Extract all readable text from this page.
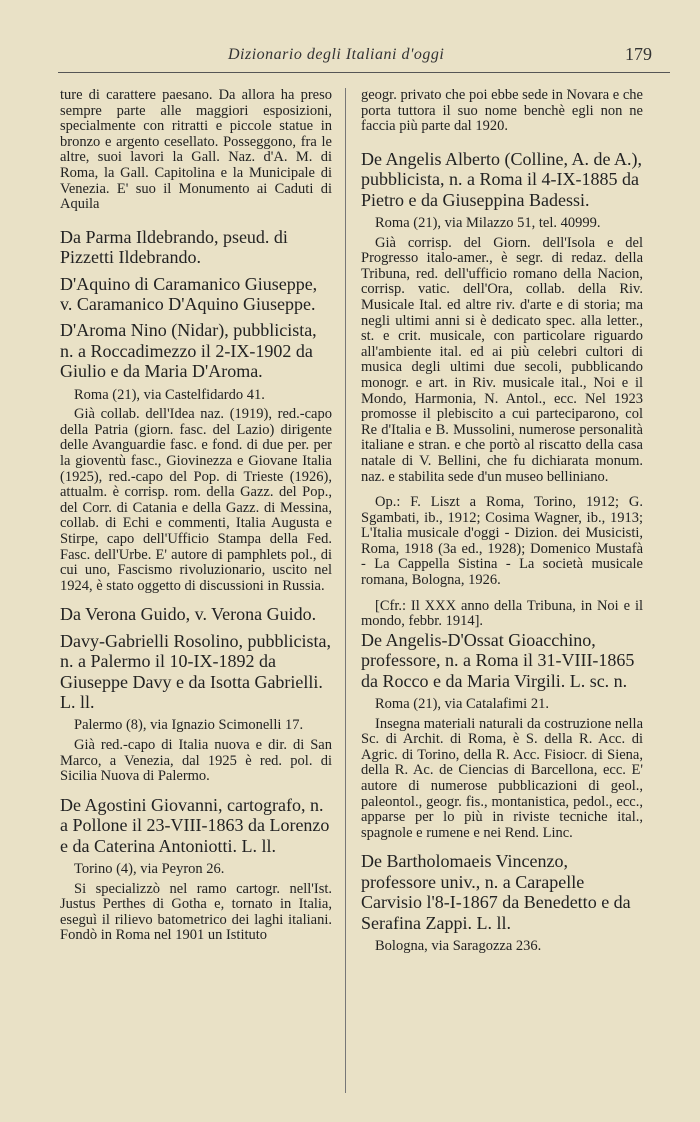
Dizionario degli Italiani d'oggi	179

ture di carattere paesano. Da allora ha preso sempre parte alle maggiori esposizioni, specialmente con ritratti e piccole statue in bronzo e argento cesellato. Posseggono, fra le altre, suoi lavori la Gall. Naz. d'A. M. di Roma, la Gall. Capitolina e la Municipale di Venezia. E' suo il Monumento ai Caduti di Aquila

Da Parma Ildebrando, pseud. di Pizzetti Ildebrando.

D'Aquino di Caramanico Giuseppe, v. Caramanico D'Aquino Giuseppe.

D'Aroma Nino (Nidar), pubblicista, n. a Roccadimezzo il 2-IX-1902 da Giulio e da Maria D'Aroma.

Roma (21), via Castelfidardo 41.

Già collab. dell'Idea naz. (1919), red.-capo della Patria (giorn. fasc. del Lazio) dirigente delle Avanguardie fasc. e fond. di due per. per la gioventù fasc., Giovinezza e Giovane Italia (1925), red.-capo del Pop. di Trieste (1926), attualm. è corrisp. rom. della Gazz. del Pop., del Corr. di Catania e della Gazz. di Messina, collab. di Echi e commenti, Italia Augusta e Stirpe, capo dell'Ufficio Stampa della Fed. Fasc. dell'Urbe. E' autore di pamphlets pol., di cui uno, Fascismo rivoluzionario, uscito nel 1924, è stato oggetto di discussioni in Russia.

Da Verona Guido, v. Verona Guido.

Davy-Gabrielli Rosolino, pubblicista, n. a Palermo il 10-IX-1892 da Giuseppe Davy e da Isotta Gabrielli. L. ll.

Palermo (8), via Ignazio Scimonelli 17.

Già red.-capo di Italia nuova e dir. di San Marco, a Venezia, dal 1925 è red. pol. di Sicilia Nuova di Palermo.

De Agostini Giovanni, cartografo, n. a Pollone il 23-VIII-1863 da Lorenzo e da Caterina Antoniotti. L. ll.

Torino (4), via Peyron 26.

Si specializzò nel ramo cartogr. nell'Ist. Justus Perthes di Gotha e, tornato in Italia, eseguì il rilievo batometrico dei laghi italiani. Fondò in Roma nel 1901 un Istituto

geogr. privato che poi ebbe sede in Novara e che porta tuttora il suo nome benchè egli non ne faccia più parte dal 1920.

De Angelis Alberto (Colline, A. de A.), pubblicista, n. a Roma il 4-IX-1885 da Pietro e da Giuseppina Badessi.

Roma (21), via Milazzo 51, tel. 40999.

Già corrisp. del Giorn. dell'Isola e del Progresso italo-amer., è segr. di redaz. della Tribuna, red. dell'ufficio romano della Nacion, corrisp. vatic. dell'Ora, collab. della Riv. Musicale Ital. ed altre riv. d'arte e di storia; ma negli ultimi anni si è dedicato spec. alla letter., st. e crit. musicale, con particolare riguardo all'ambiente ital. ed ai più celebri cultori di musica degli ultimi due secoli, pubblicando monogr. e art. in Riv. musicale ital., Noi e il Mondo, Harmonia, N. Antol., ecc. Nel 1923 promosse il plebiscito a cui parteciparono, col Re d'Italia e B. Mussolini, numerose personalità italiane e stran. e che portò al riscatto della casa natale di V. Bellini, che fu dichiarata monum. naz. e stabilita sede d'un museo belliniano.

Op.: F. Liszt a Roma, Torino, 1912; G. Sgambati, ib., 1912; Cosima Wagner, ib., 1913; L'Italia musicale d'oggi - Dizion. dei Musicisti, Roma, 1918 (3a ed., 1928); Domenico Mustafà - La Cappella Sistina - La società musicale romana, Bologna, 1926.

[Cfr.: Il XXX anno della Tribuna, in Noi e il mondo, febbr. 1914].

De Angelis-D'Ossat Gioacchino, professore, n. a Roma il 31-VIII-1865 da Rocco e da Maria Virgili. L. sc. n.

Roma (21), via Catalafimi 21.

Insegna materiali naturali da costruzione nella Sc. di Archit. di Roma, è S. della R. Acc. di Agric. di Torino, della R. Acc. Fisiocr. di Siena, della R. Ac. de Ciencias di Barcellona, ecc. E' autore di numerose pubblicazioni di geol., paleontol., geogr. fis., montanistica, pedol., ecc., apparse per lo più in riviste tecniche ital., spagnole e rumene e nei Rend. Linc.

De Bartholomaeis Vincenzo, professore univ., n. a Carapelle Carvisio l'8-I-1867 da Benedetto e da Serafina Zappi. L. ll.

Bologna, via Saragozza 236.
